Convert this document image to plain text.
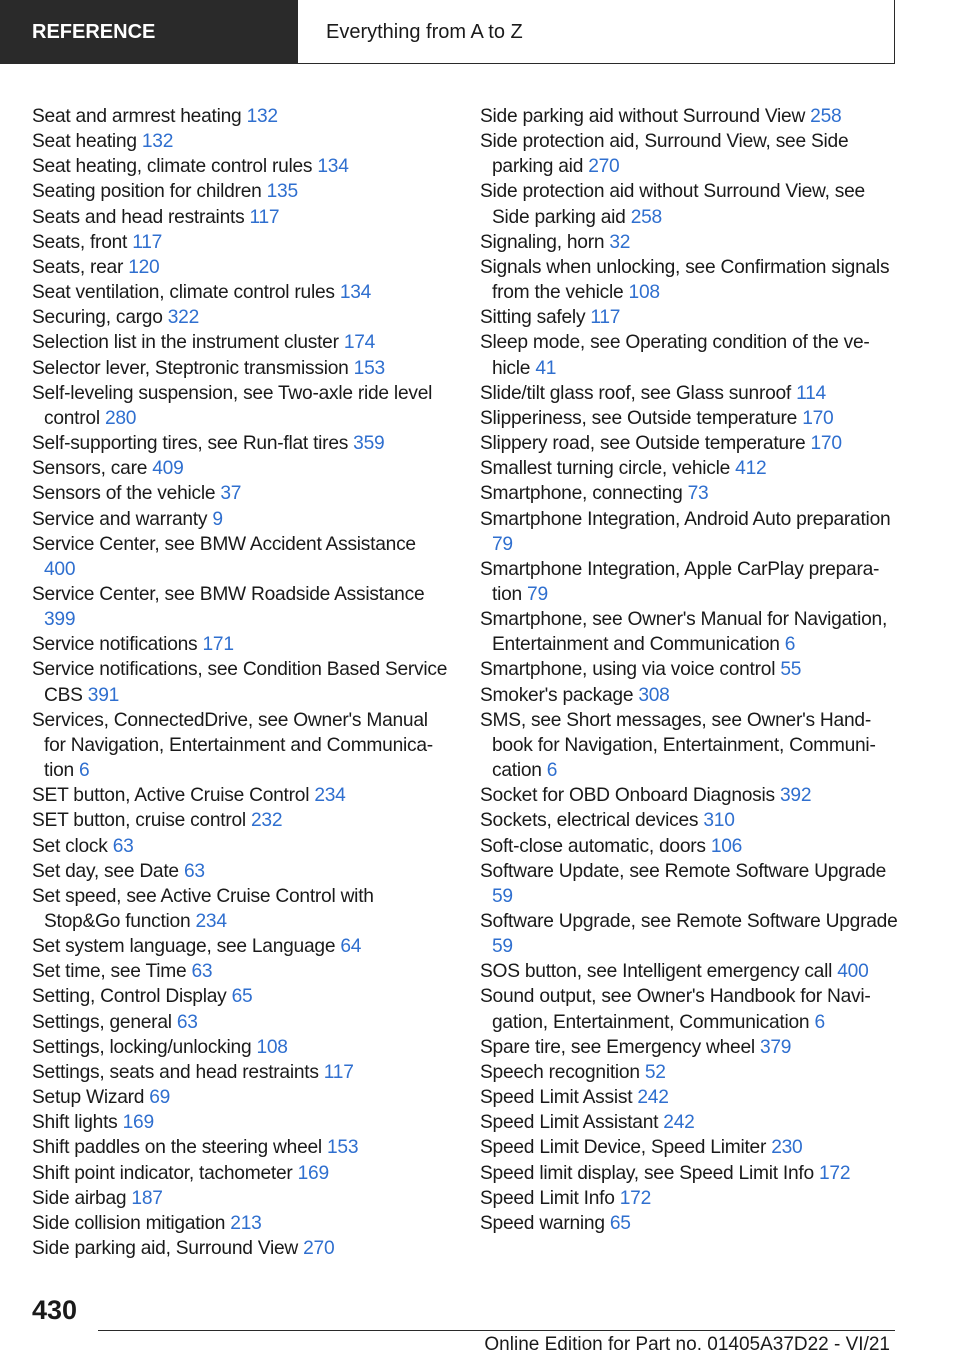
REFERENCE	Everything from A to Z
Seat and armrest heating 132
Seat heating 132
Seat heating, climate control rules 134
Seating position for children 135
Seats and head restraints 117
Seats, front 117
Seats, rear 120
Seat ventilation, climate control rules 134
Securing, cargo 322
Selection list in the instrument cluster 174
Selector lever, Steptronic transmission 153
Self-leveling suspension, see Two-axle ride level control 280
Self-supporting tires, see Run-flat tires 359
Sensors, care 409
Sensors of the vehicle 37
Service and warranty 9
Service Center, see BMW Accident Assistance 400
Service Center, see BMW Roadside Assistance 399
Service notifications 171
Service notifications, see Condition Based Service CBS 391
Services, ConnectedDrive, see Owner's Manual for Navigation, Entertainment and Communication 6
SET button, Active Cruise Control 234
SET button, cruise control 232
Set clock 63
Set day, see Date 63
Set speed, see Active Cruise Control with Stop&Go function 234
Set system language, see Language 64
Set time, see Time 63
Setting, Control Display 65
Settings, general 63
Settings, locking/unlocking 108
Settings, seats and head restraints 117
Setup Wizard 69
Shift lights 169
Shift paddles on the steering wheel 153
Shift point indicator, tachometer 169
Side airbag 187
Side collision mitigation 213
Side parking aid, Surround View 270
Side parking aid without Surround View 258
Side protection aid, Surround View, see Side parking aid 270
Side protection aid without Surround View, see Side parking aid 258
Signaling, horn 32
Signals when unlocking, see Confirmation signals from the vehicle 108
Sitting safely 117
Sleep mode, see Operating condition of the vehicle 41
Slide/tilt glass roof, see Glass sunroof 114
Slipperiness, see Outside temperature 170
Slippery road, see Outside temperature 170
Smallest turning circle, vehicle 412
Smartphone, connecting 73
Smartphone Integration, Android Auto preparation 79
Smartphone Integration, Apple CarPlay preparation 79
Smartphone, see Owner's Manual for Navigation, Entertainment and Communication 6
Smartphone, using via voice control 55
Smoker's package 308
SMS, see Short messages, see Owner's Handbook for Navigation, Entertainment, Communication 6
Socket for OBD Onboard Diagnosis 392
Sockets, electrical devices 310
Soft-close automatic, doors 106
Software Update, see Remote Software Upgrade 59
Software Upgrade, see Remote Software Upgrade 59
SOS button, see Intelligent emergency call 400
Sound output, see Owner's Handbook for Navigation, Entertainment, Communication 6
Spare tire, see Emergency wheel 379
Speech recognition 52
Speed Limit Assist 242
Speed Limit Assistant 242
Speed Limit Device, Speed Limiter 230
Speed limit display, see Speed Limit Info 172
Speed Limit Info 172
Speed warning 65
430
Online Edition for Part no. 01405A37D22 - VI/21
